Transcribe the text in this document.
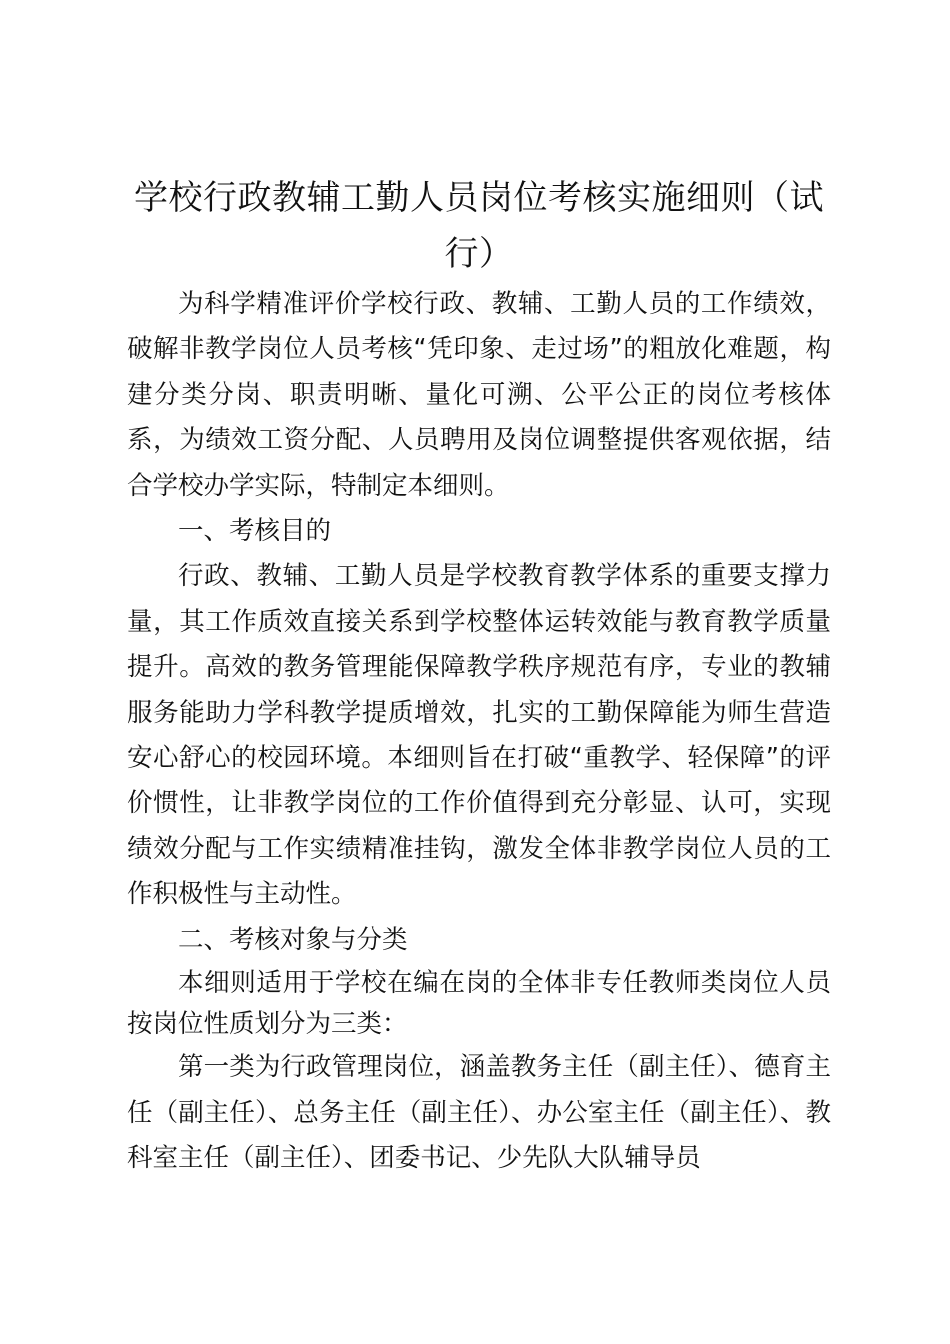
学校行政教辅工勤人员岗位考核实施细则（试行）

为科学精准评价学校行政、教辅、工勤人员的工作绩效，破解非教学岗位人员考核“凭印象、走过场”的粗放化难题，构建分类分岗、职责明晰、量化可溯、公平公正的岗位考核体系，为绩效工资分配、人员聘用及岗位调整提供客观依据，结合学校办学实际，特制定本细则。

一、考核目的

行政、教辅、工勤人员是学校教育教学体系的重要支撑力量，其工作质效直接关系到学校整体运转效能与教育教学质量提升。高效的教务管理能保障教学秩序规范有序，专业的教辅服务能助力学科教学提质增效，扎实的工勤保障能为师生营造安心舒心的校园环境。本细则旨在打破“重教学、轻保障”的评价惯性，让非教学岗位的工作价值得到充分彰显、认可，实现绩效分配与工作实绩精准挂钩，激发全体非教学岗位人员的工作积极性与主动性。

二、考核对象与分类

本细则适用于学校在编在岗的全体非专任教师类岗位人员按岗位性质划分为三类：

第一类为行政管理岗位，涵盖教务主任（副主任）、德育主任（副主任）、总务主任（副主任）、办公室主任（副主任）、教科室主任（副主任）、团委书记、少先队大队辅导员
